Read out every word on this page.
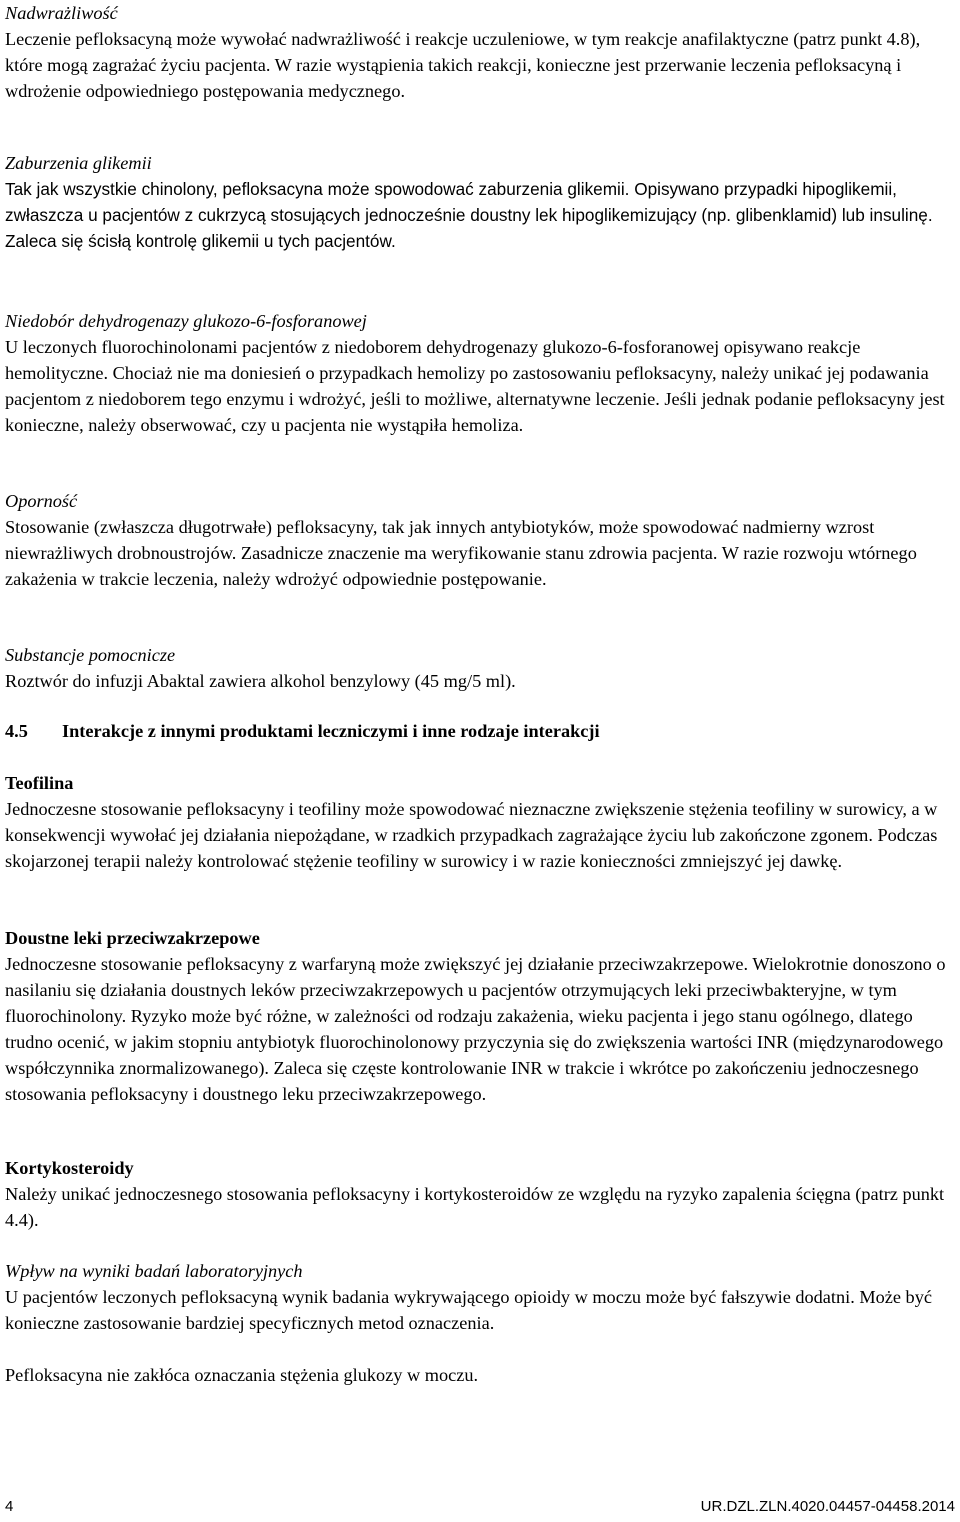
Nadwrażliwość

Leczenie pefloksacyną może wywołać nadwrażliwość i reakcje uczuleniowe, w tym reakcje anafilaktyczne (patrz punkt 4.8), które mogą zagrażać życiu pacjenta. W razie wystąpienia takich reakcji, konieczne jest przerwanie leczenia pefloksacyną i wdrożenie odpowiedniego postępowania medycznego.

Zaburzenia glikemii

Tak jak wszystkie chinolony, pefloksacyna może spowodować zaburzenia glikemii. Opisywano przypadki hipoglikemii, zwłaszcza u pacjentów z cukrzycą stosujących jednocześnie doustny lek hipoglikemizujący (np. glibenklamid) lub insulinę. Zaleca się ścisłą kontrolę glikemii u tych pacjentów.

Niedobór dehydrogenazy glukozo-6-fosforanowej

U leczonych fluorochinolonami pacjentów z niedoborem dehydrogenazy glukozo-6-fosforanowej opisywano reakcje hemolityczne. Chociaż nie ma doniesień o przypadkach hemolizy po zastosowaniu pefloksacyny, należy unikać jej podawania pacjentom z niedoborem tego enzymu i wdrożyć, jeśli to możliwe, alternatywne leczenie. Jeśli jednak podanie pefloksacyny jest konieczne, należy obserwować, czy u pacjenta nie wystąpiła hemoliza.

Oporność

Stosowanie (zwłaszcza długotrwałe) pefloksacyny, tak jak innych antybiotyków, może spowodować nadmierny wzrost niewrażliwych drobnoustrojów. Zasadnicze znaczenie ma weryfikowanie stanu zdrowia pacjenta. W razie rozwoju wtórnego zakażenia w trakcie leczenia, należy wdrożyć odpowiednie postępowanie.

Substancje pomocnicze

Roztwór do infuzji Abaktal zawiera alkohol benzylowy (45 mg/5 ml).

4.5 Interakcje z innymi produktami leczniczymi i inne rodzaje interakcji
Teofilina

Jednoczesne stosowanie pefloksacyny i teofiliny może spowodować nieznaczne zwiększenie stężenia teofiliny w surowicy, a w konsekwencji wywołać jej działania niepożądane, w rzadkich przypadkach zagrażające życiu lub zakończone zgonem. Podczas skojarzonej terapii należy kontrolować stężenie teofiliny w surowicy i w razie konieczności zmniejszyć jej dawkę.

Doustne leki przeciwzakrzepowe

Jednoczesne stosowanie pefloksacyny z warfaryną może zwiększyć jej działanie przeciwzakrzepowe. Wielokrotnie donoszono o nasilaniu się działania doustnych leków przeciwzakrzepowych u pacjentów otrzymujących leki przeciwbakteryjne, w tym fluorochinolony. Ryzyko może być różne, w zależności od rodzaju zakażenia, wieku pacjenta i jego stanu ogólnego, dlatego trudno ocenić, w jakim stopniu antybiotyk fluorochinolonowy przyczynia się do zwiększenia wartości INR (międzynarodowego współczynnika znormalizowanego). Zaleca się częste kontrolowanie INR w trakcie i wkrótce po zakończeniu jednoczesnego stosowania pefloksacyny i doustnego leku przeciwzakrzepowego.

Kortykosteroidy

Należy unikać jednoczesnego stosowania pefloksacyny i kortykosteroidów ze względu na ryzyko zapalenia ścięgna (patrz punkt 4.4).

Wpływ na wyniki badań laboratoryjnych

U pacjentów leczonych pefloksacyną wynik badania wykrywającego opioidy w moczu może być fałszywie dodatni. Może być konieczne zastosowanie bardziej specyficznych metod oznaczenia.

Pefloksacyna nie zakłóca oznaczania stężenia glukozy w moczu.

4	UR.DZL.ZLN.4020.04457-04458.2014
